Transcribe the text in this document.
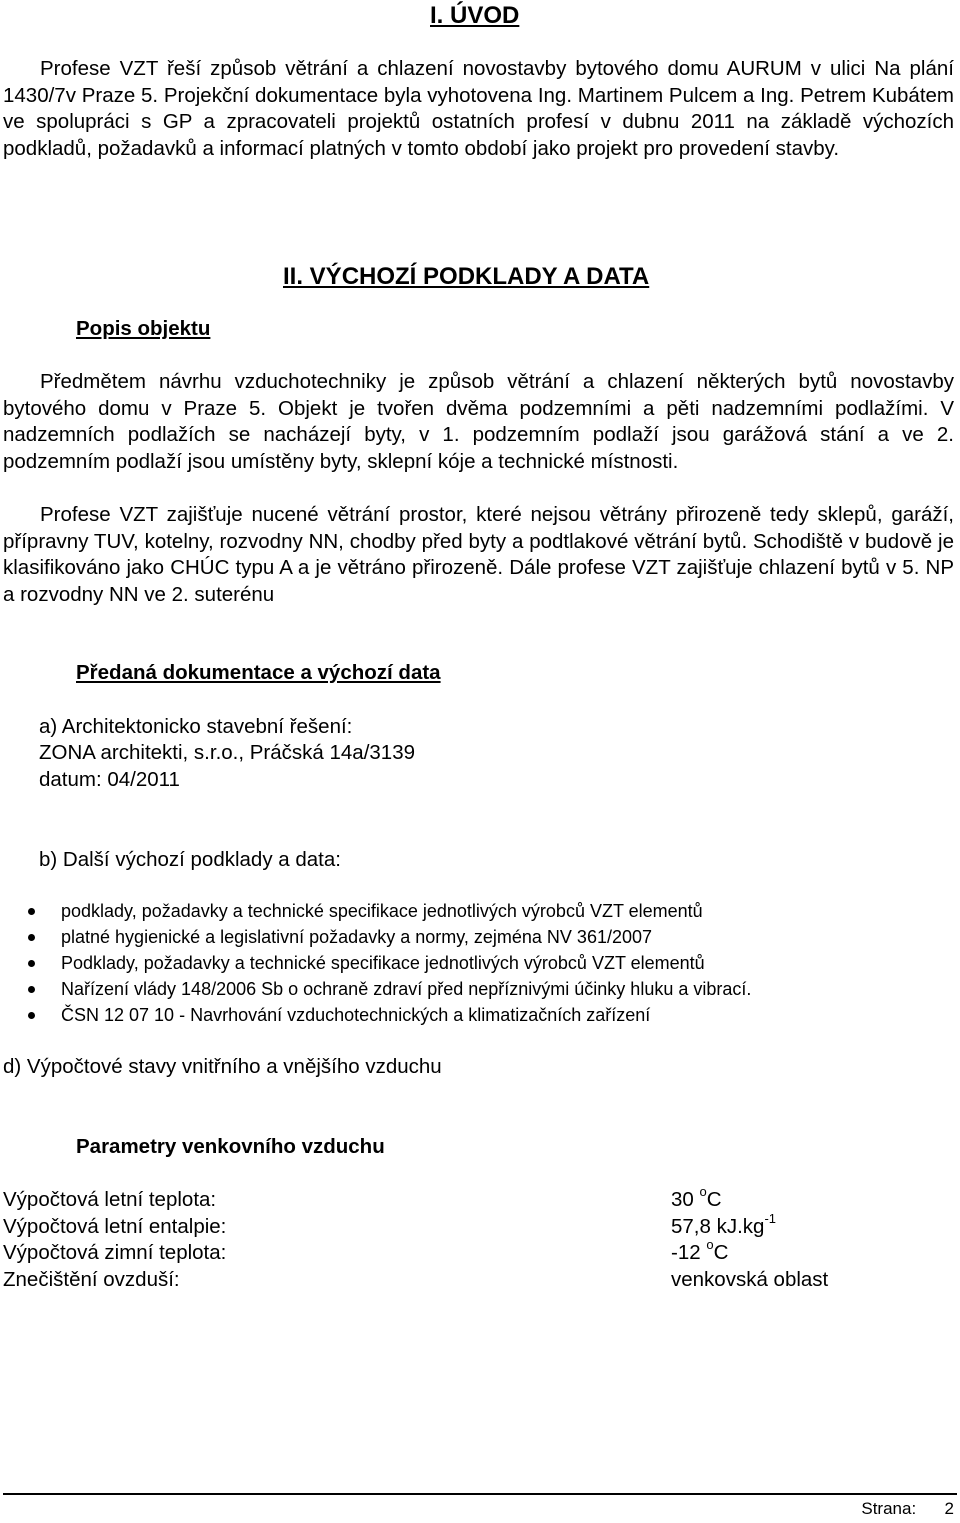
I. ÚVOD
Profese VZT řeší způsob větrání a chlazení novostavby bytového domu AURUM v ulici Na plání 1430/7v Praze 5. Projekční dokumentace byla vyhotovena Ing. Martinem Pulcem a Ing. Petrem Kubátem ve spolupráci s GP a zpracovateli projektů ostatních profesí v dubnu 2011 na základě výchozích podkladů, požadavků a informací platných v tomto období jako projekt pro provedení stavby.
II. VÝCHOZÍ PODKLADY A DATA
Popis objektu

Předmětem návrhu vzduchotechniky je způsob větrání a chlazení některých bytů novostavby bytového domu v Praze 5. Objekt je tvořen dvěma podzemními a pěti nadzemními podlažími. V nadzemních podlažích se nacházejí byty, v 1. podzemním podlaží jsou garážová stání a ve 2. podzemním podlaží jsou umístěny byty, sklepní kóje a technické místnosti.

Profese VZT zajišťuje nucené větrání prostor, které nejsou větrány přirozeně tedy sklepů, garáží, přípravny TUV, kotelny, rozvodny NN, chodby před byty a podtlakové větrání bytů. Schodiště v budově je klasifikováno jako CHÚC typu A a je větráno přirozeně. Dále profese VZT zajišťuje chlazení bytů v 5. NP a rozvodny NN ve 2. suterénu

Předaná dokumentace a výchozí data
a) Architektonicko stavební řešení:
ZONA architekti, s.r.o., Práčská 14a/3139
datum: 04/2011
b) Další výchozí podklady a data:
podklady, požadavky a technické specifikace jednotlivých výrobců VZT elementů
platné hygienické a legislativní požadavky a normy, zejména NV 361/2007
Podklady, požadavky a technické specifikace jednotlivých výrobců VZT elementů
Nařízení vlády 148/2006 Sb o ochraně zdraví před nepříznivými účinky hluku a vibrací.
ČSN 12 07 10 - Navrhování vzduchotechnických a klimatizačních zařízení
d) Výpočtové stavy vnitřního a vnějšího vzduchu
Parametry venkovního vzduchu
Výpočtová letní teplota:	30 $^o$C
Výpočtová letní entalpie:	57,8 $kJ.kg^{-1}$
Výpočtová zimní teplota:	-12 $^o$C
Znečištění ovzduší:	venkovská oblast
Strana: 2
